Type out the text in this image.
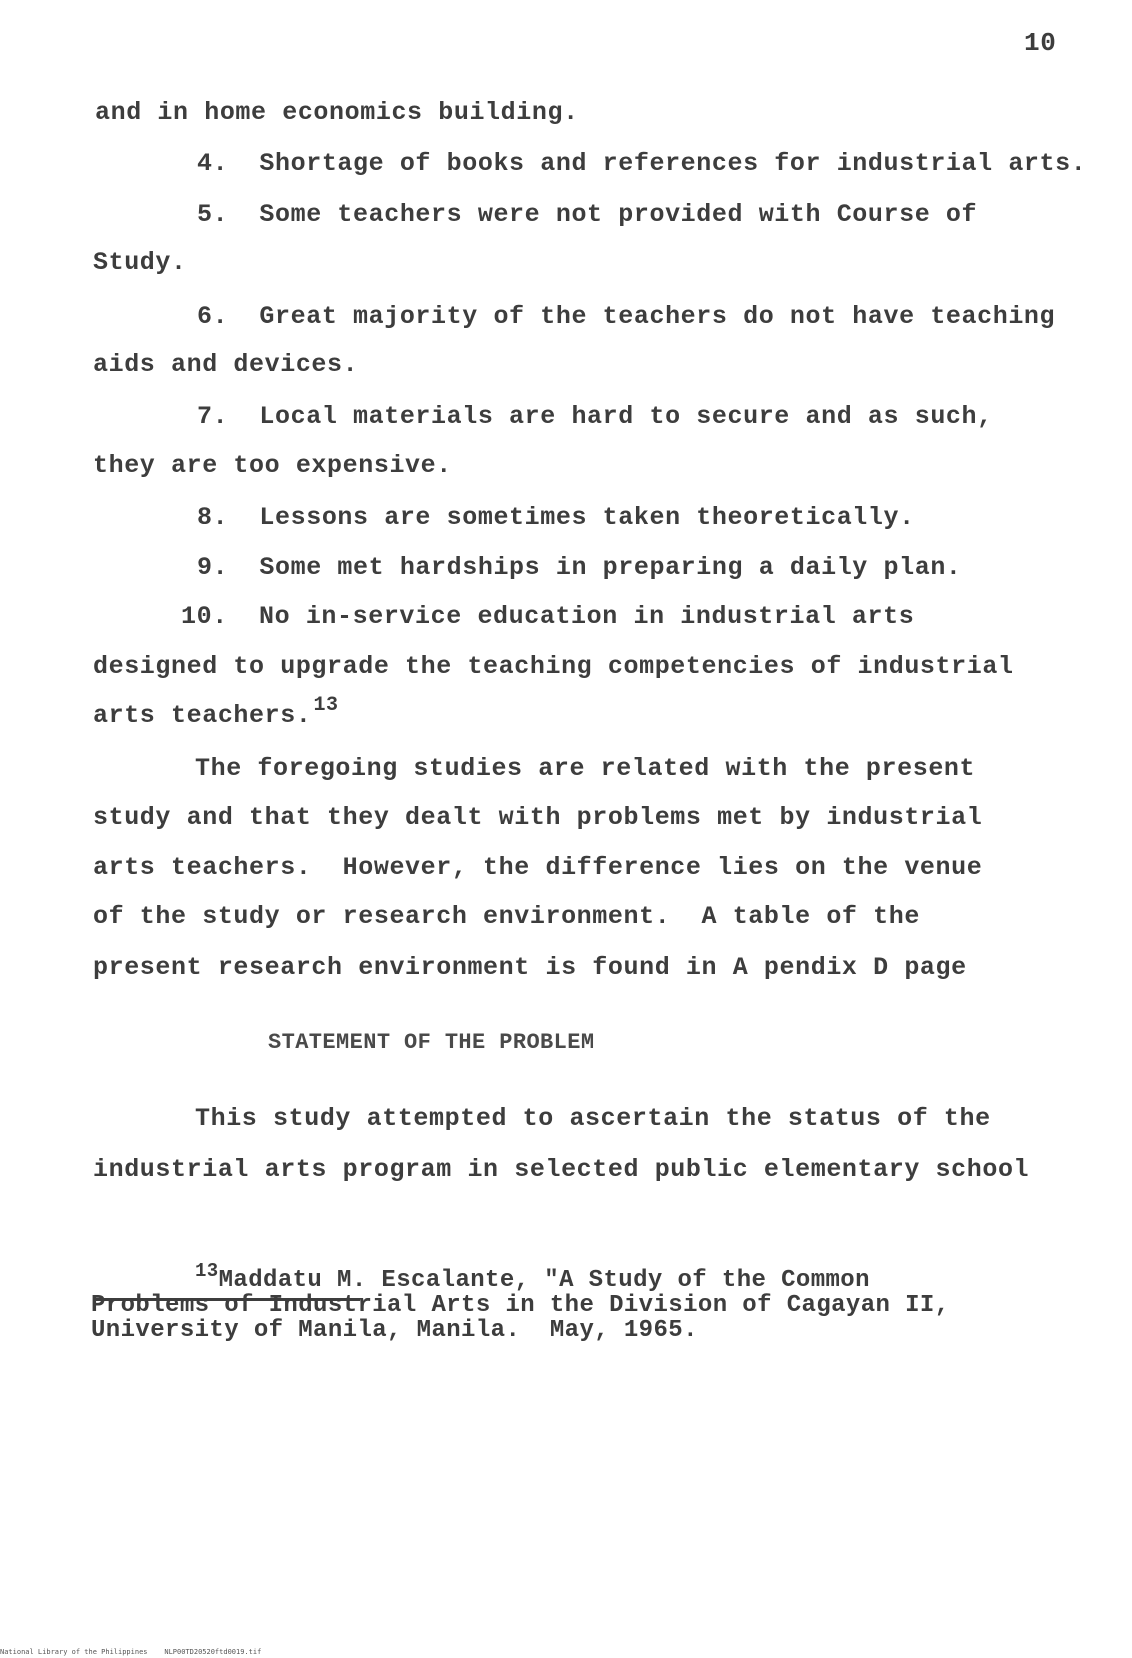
10
and in home economics building.
4.  Shortage of books and references for industrial arts.
5.  Some teachers were not provided with Course of
Study.
6.  Great majority of the teachers do not have teaching
aids and devices.
7.  Local materials are hard to secure and as such,
they are too expensive.
8.  Lessons are sometimes taken theoretically.
9.  Some met hardships in preparing a daily plan.
10.  No in-service education in industrial arts
designed to upgrade the teaching competencies of industrial
arts teachers. $^{13}$
The foregoing studies are related with the present
study and that they dealt with problems met by industrial
arts teachers.  However, the difference lies on the venue
of the study or research environment.  A table of the
present research environment is found in A pendix D page
STATEMENT OF THE PROBLEM
This study attempted to ascertain the status of the
industrial arts program in selected public elementary school
$^{13}$Maddatu M. Escalante, "A Study of the Common
Problems of Industrial Arts in the Division of Cagayan II,
University of Manila, Manila.  May, 1965.
National Library of the Philippines    NLP00TD20520ftd0019.tif
